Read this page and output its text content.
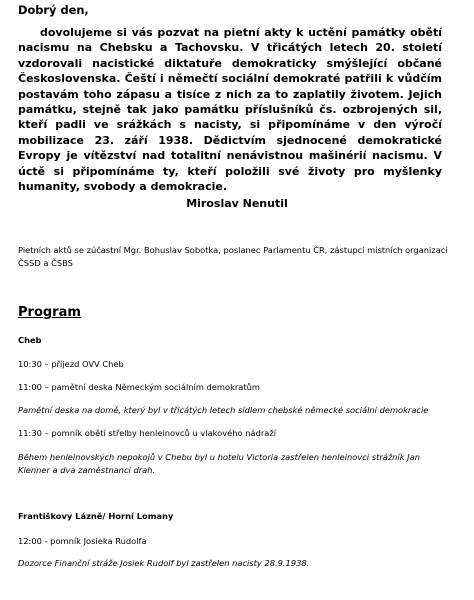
Dobrý den,

dovolujeme si vás pozvat na pietní akty k uctění památky obětí nacismu na Chebsku a Tachovsku. V třicátých letech 20. století vzdorovali nacistické diktatuře demokraticky smýšlející občané Československa. Čeští i němečtí sociální demokraté patřili k vůdčím postavám toho zápasu a tisíce z nich za to zaplatily životem. Jejich památku, stejně tak jako památku příslušníků čs. ozbrojených sil, kteří padli ve srážkách s nacisty, si připomínáme v den výročí mobilizace 23. září 1938. Dědictvím sjednocené demokratické Evropy je vítězství nad totalitní nenávistnou mašinérií nacismu. V úctě si připomínáme ty, kteří položili své životy pro myšlenky humanity, svobody a demokracie.

Miroslav Nenutil

Pietních aktů se zúčastní Mgr. Bohuslav Sobotka, poslanec Parlamentu ČR, zástupci místních organizací ČSSD a ČSBS

Program

Cheb

10:30 – příjezd OVV Cheb

11:00 – pamětní deska Německým sociálním demokratům

Pamětní deska na domě, který byl v třicátých letech sídlem chebské německé sociální demokracie

11:30 – pomník obětí střelby henleinovců u vlakového nádraží

Během henleinovských nepokojů v Chebu byl u hotelu Victoria zastřelen henleinovci strážník Jan Klenner a dva zaměstnanci drah.

Františkovy Lázně/ Horní Lomany

12:00 - pomník Josieka Rudolfa

Dozorce Finanční stráže Josiek Rudolf byl zastřelen nacisty 28.9.1938.
